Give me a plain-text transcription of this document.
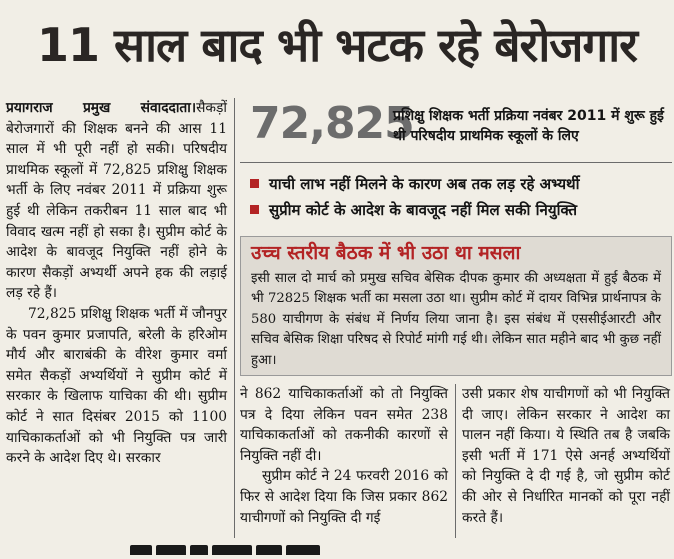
11 साल बाद भी भटक रहे बेरोजगार

प्रयागराज प्रमुख संवाददाता।सैकड़ों बेरोजगारों की शिक्षक बनने की आस 11 साल में भी पूरी नहीं हो सकी। परिषदीय प्राथमिक स्कूलों में 72,825 प्रशिक्षु शिक्षक भर्ती के लिए नवंबर 2011 में प्रक्रिया शुरू हुई थी लेकिन तकरीबन 11 साल बाद भी विवाद खत्म नहीं हो सका है। सुप्रीम कोर्ट के आदेश के बावजूद नियुक्ति नहीं होने के कारण सैकड़ों अभ्यर्थी अपने हक की लड़ाई लड़ रहे हैं।

72,825 प्रशिक्षु शिक्षक भर्ती में जौनपुर के पवन कुमार प्रजापति, बरेली के हरिओम मौर्य और बाराबंकी के वीरेश कुमार वर्मा समेत सैकड़ों अभ्यर्थियों ने सुप्रीम कोर्ट में सरकार के खिलाफ याचिका की थी। सुप्रीम कोर्ट ने सात दिसंबर 2015 को 1100 याचिकाकर्ताओं को भी नियुक्ति पत्र जारी करने के आदेश दिए थे। सरकार

72,825
प्रशिक्षु शिक्षक भर्ती प्रक्रिया नवंबर 2011 में शुरू हुई थी परिषदीय प्राथमिक स्कूलों के लिए
याची लाभ नहीं मिलने के कारण अब तक लड़ रहे अभ्यर्थी
सुप्रीम कोर्ट के आदेश के बावजूद नहीं मिल सकी नियुक्ति
उच्च स्तरीय बैठक में भी उठा था मसला
इसी साल दो मार्च को प्रमुख सचिव बेसिक दीपक कुमार की अध्यक्षता में हुई बैठक में भी 72825 शिक्षक भर्ती का मसला उठा था। सुप्रीम कोर्ट में दायर विभिन्न प्रार्थनापत्र के 580 याचीगण के संबंध में निर्णय लिया जाना है। इस संबंध में एससीईआरटी और सचिव बेसिक शिक्षा परिषद से रिपोर्ट मांगी गई थी। लेकिन सात महीने बाद भी कुछ नहीं हुआ।

ने 862 याचिकाकर्ताओं को तो नियुक्ति पत्र दे दिया लेकिन पवन समेत 238 याचिकाकर्ताओं को तकनीकी कारणों से नियुक्ति नहीं दी।

सुप्रीम कोर्ट ने 24 फरवरी 2016 को फिर से आदेश दिया कि जिस प्रकार 862 याचीगणों को नियुक्ति दी गई

उसी प्रकार शेष याचीगणों को भी नियुक्ति दी जाए। लेकिन सरकार ने आदेश का पालन नहीं किया। ये स्थिति तब है जबकि इसी भर्ती में 171 ऐसे अनर्ह अभ्यर्थियों को नियुक्ति दे दी गई है, जो सुप्रीम कोर्ट की ओर से निर्धारित मानकों को पूरा नहीं करते हैं।
